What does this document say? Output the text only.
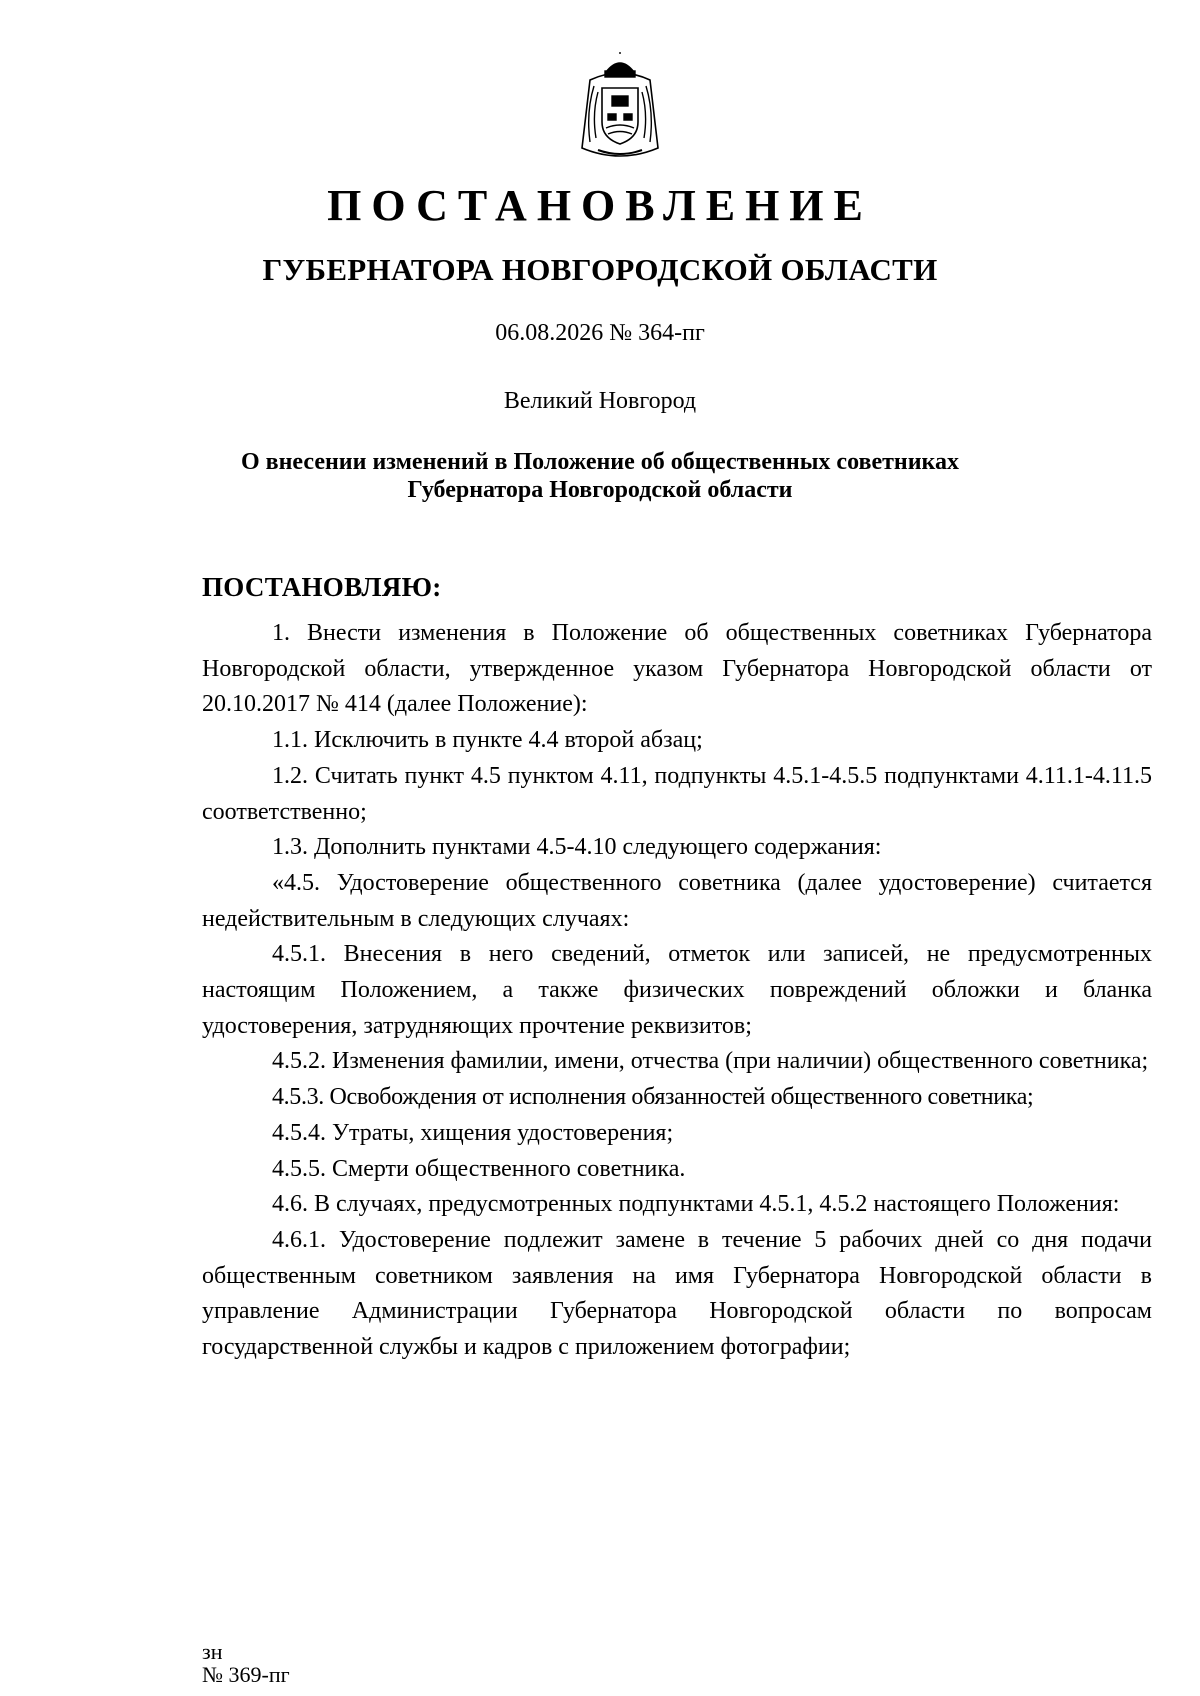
ПОСТАНОВЛЕНИЕ
ГУБЕРНАТОРА НОВГОРОДСКОЙ ОБЛАСТИ
06.08.2026 № 364-пг
Великий Новгород
О внесении изменений в Положение об общественных советниках
Губернатора Новгородской области
ПОСТАНОВЛЯЮ:

1. Внести изменения в Положение об общественных советниках Губернатора Новгородской области, утвержденное указом Губернатора Новгородской области от 20.10.2017 № 414 (далее Положение):

1.1. Исключить в пункте 4.4 второй абзац;

1.2. Считать пункт 4.5 пунктом 4.11, подпункты 4.5.1-4.5.5 подпунктами 4.11.1-4.11.5 соответственно;

1.3. Дополнить пунктами 4.5-4.10 следующего содержания:

«4.5. Удостоверение общественного советника (далее удостоверение) считается недействительным в следующих случаях:

4.5.1. Внесения в него сведений, отметок или записей, не предусмотренных настоящим Положением, а также физических повреждений обложки и бланка удостоверения, затрудняющих прочтение реквизитов;

4.5.2. Изменения фамилии, имени, отчества (при наличии) общественного советника;

4.5.3. Освобождения от исполнения обязанностей общественного советника;

4.5.4. Утраты, хищения удостоверения;

4.5.5. Смерти общественного советника.

4.6. В случаях, предусмотренных подпунктами 4.5.1, 4.5.2 настоящего Положения:

4.6.1. Удостоверение подлежит замене в течение 5 рабочих дней со дня подачи общественным советником заявления на имя Губернатора Новгородской области в управление Администрации Губернатора Новгородской области по вопросам государственной службы и кадров с приложением фотографии;

зн
№ 369-пг
